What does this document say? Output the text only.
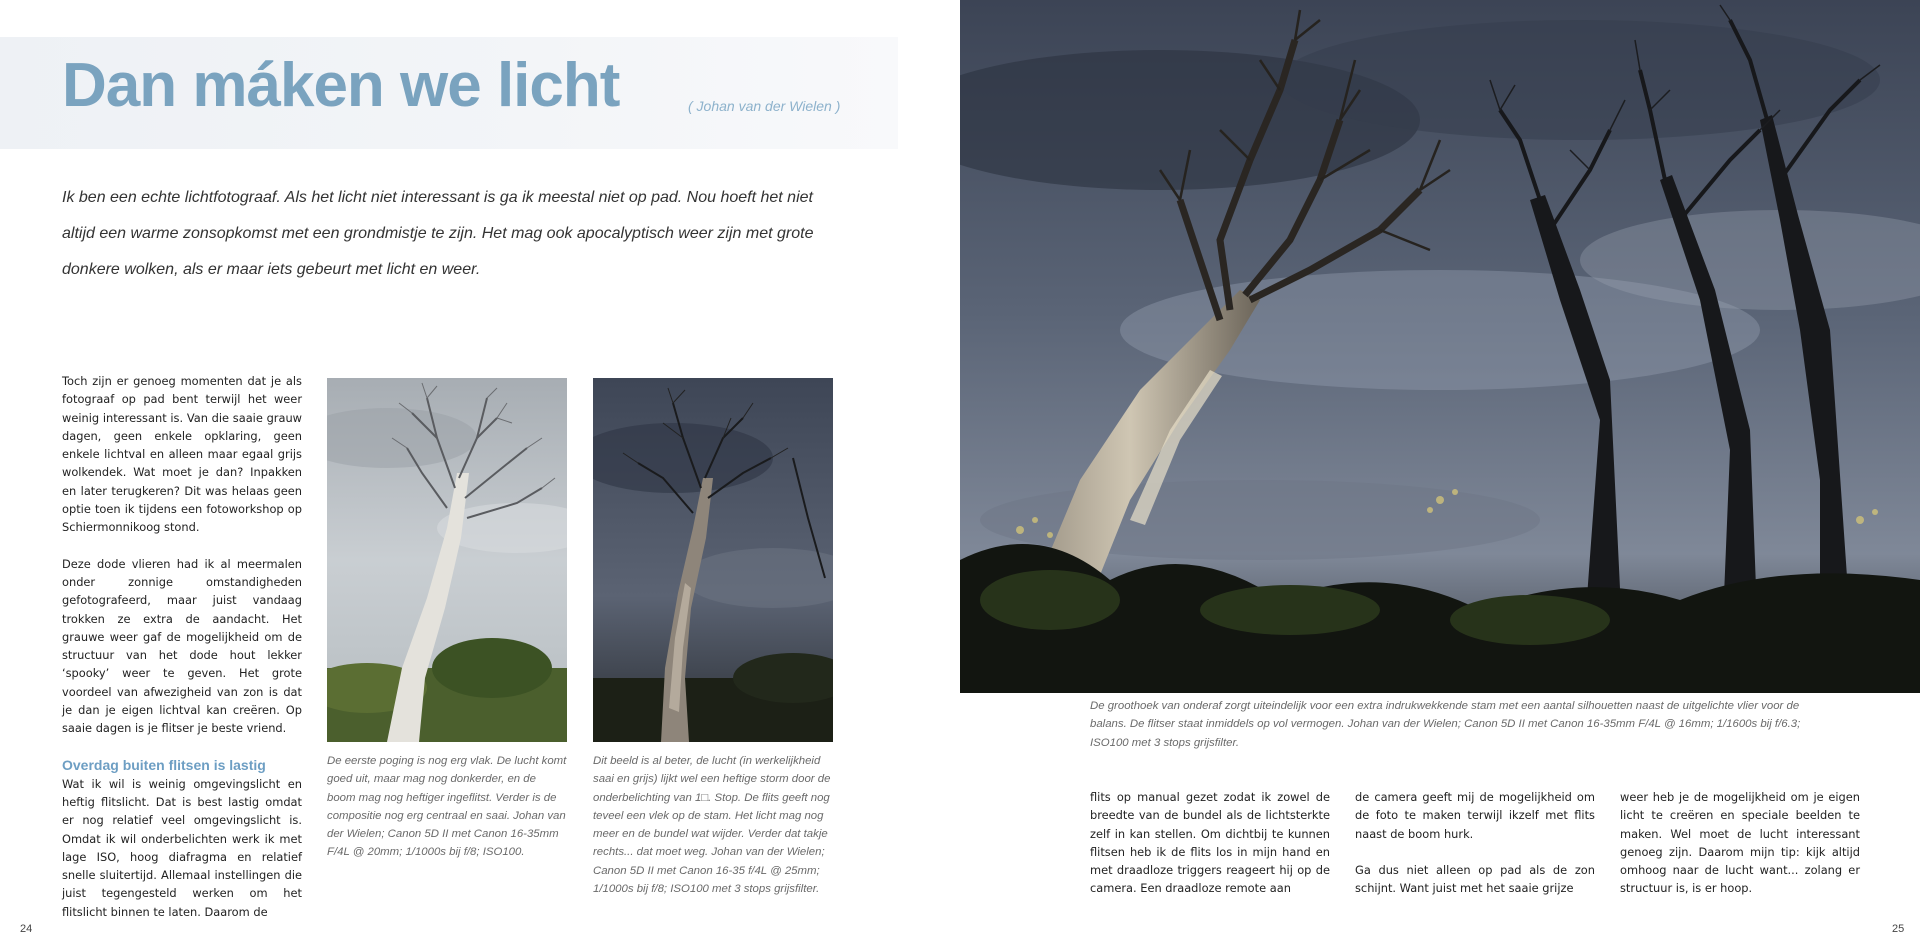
Dan máken we licht	( Johan van der Wielen )

Ik ben een echte lichtfotograaf. Als het licht niet interessant is ga ik meestal niet op pad. Nou hoeft het niet altijd een warme zonsopkomst met een grondmistje te zijn. Het mag ook apocalyptisch weer zijn met grote donkere wolken, als er maar iets gebeurt met licht en weer.

Toch zijn er genoeg momenten dat je als fotograaf op pad bent terwijl het weer weinig interessant is. Van die saaie grauw dagen, geen enkele opklaring, geen enkele lichtval en alleen maar egaal grijs wolkendek. Wat moet je dan? Inpakken en later terugkeren? Dit was helaas geen optie toen ik tijdens een fotoworkshop op Schiermonnikoog stond.

Deze dode vlieren had ik al meermalen onder zonnige omstandigheden gefotografeerd, maar juist vandaag trokken ze extra de aandacht. Het grauwe weer gaf de mogelijkheid om de structuur van het dode hout lekker ‘spooky’ weer te geven. Het grote voordeel van afwezigheid van zon is dat je dan je eigen lichtval kan creëren. Op saaie dagen is je flitser je beste vriend.

Overdag buiten flitsen is lastig

Wat ik wil is weinig omgevingslicht en heftig flitslicht. Dat is best lastig omdat er nog relatief veel omgevingslicht is. Omdat ik wil onderbelichten werk ik met lage ISO, hoog diafragma en relatief snelle sluitertijd. Allemaal instellingen die juist tegengesteld werken om het flitslicht binnen te laten. Daarom de

De eerste poging is nog erg vlak. De lucht komt goed uit, maar mag nog donkerder, en de boom mag nog heftiger ingeflitst. Verder is de compositie nog erg centraal en saai. Johan van der Wielen; Canon 5D II met Canon 16-35mm F/4L @ 20mm; 1/1000s bij f/8; ISO100.
Dit beeld is al beter, de lucht (in werkelijkheid saai en grijs) lijkt wel een heftige storm door de onderbelichting van 1□. Stop. De flits geeft nog teveel een vlek op de stam. Het licht mag nog meer en de bundel wat wijder. Verder dat takje rechts... dat moet weg. Johan van der Wielen; Canon 5D II met Canon 16-35 f/4L @ 25mm; 1/1000s bij f/8; ISO100 met 3 stops grijsfilter.
24
De groothoek van onderaf zorgt uiteindelijk voor een extra indrukwekkende stam met een aantal silhouetten naast de uitgelichte vlier voor de balans. De flitser staat inmiddels op vol vermogen. Johan van der Wielen; Canon 5D II met Canon 16-35mm F/4L @ 16mm; 1/1600s bij f/6.3; ISO100 met 3 stops grijsfilter.

flits op manual gezet zodat ik zowel de breedte van de bundel als de lichtsterkte zelf in kan stellen. Om dichtbij te kunnen flitsen heb ik de flits los in mijn hand en met draadloze triggers reageert hij op de camera. Een draadloze remote aan

de camera geeft mij de mogelijkheid om de foto te maken terwijl ikzelf met flits naast de boom hurk.

Ga dus niet alleen op pad als de zon schijnt. Want juist met het saaie grijze

weer heb je de mogelijkheid om je eigen licht te creëren en speciale beelden te maken. Wel moet de lucht interessant genoeg zijn. Daarom mijn tip: kijk altijd omhoog naar de lucht want... zolang er structuur is, is er hoop.

25
